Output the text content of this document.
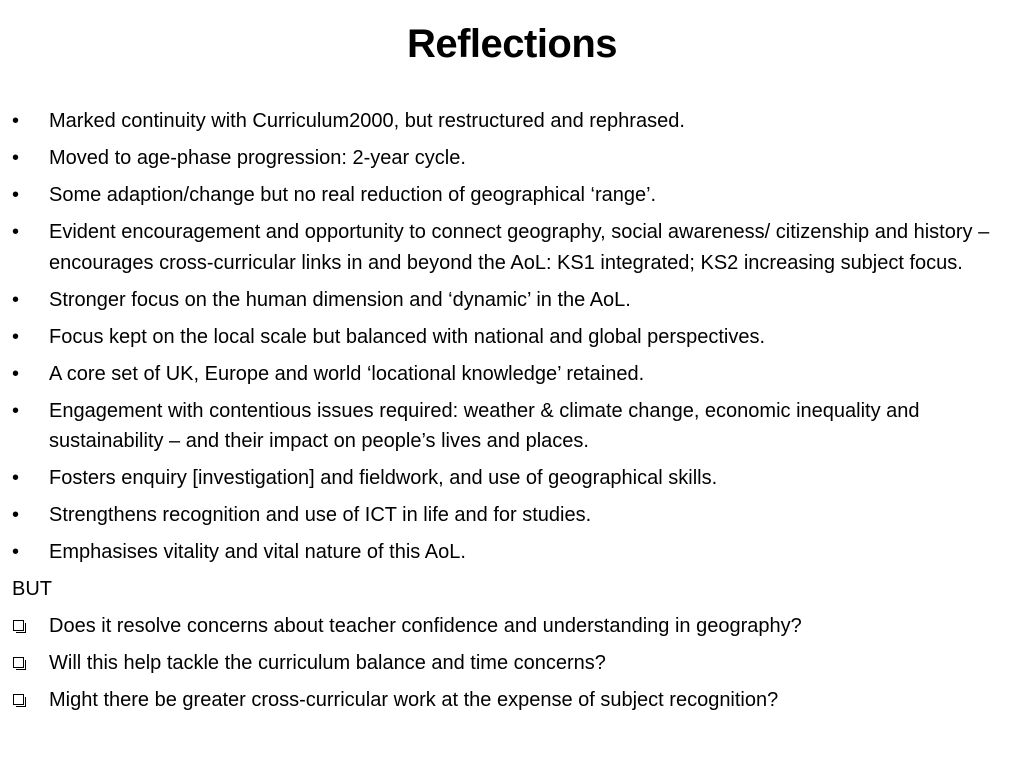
Reflections
•	Marked continuity with Curriculum2000, but restructured and rephrased.
•	Moved to age-phase progression: 2-year cycle.
•	Some adaption/change but no real reduction of geographical ‘range’.
•	Evident encouragement and opportunity to connect geography, social awareness/ citizenship and history – encourages cross-curricular links in and beyond the AoL: KS1 integrated; KS2 increasing subject focus.
•	Stronger focus on the human dimension and ‘dynamic’ in the AoL.
•	Focus kept on the local scale but balanced with national and global perspectives.
•	A core set of UK, Europe and world ‘locational knowledge’ retained.
•	Engagement with contentious issues required: weather & climate change, economic inequality and sustainability – and their impact on people’s lives and places.
•	Fosters enquiry [investigation] and fieldwork, and use of geographical skills.
•	Strengthens recognition and use of ICT in life and for studies.
•	Emphasises vitality and vital nature of this AoL.
BUT
Does it resolve concerns about teacher confidence and understanding in geography?
Will this help tackle the curriculum balance and time concerns?
Might there be greater cross-curricular work at the expense of subject recognition?
